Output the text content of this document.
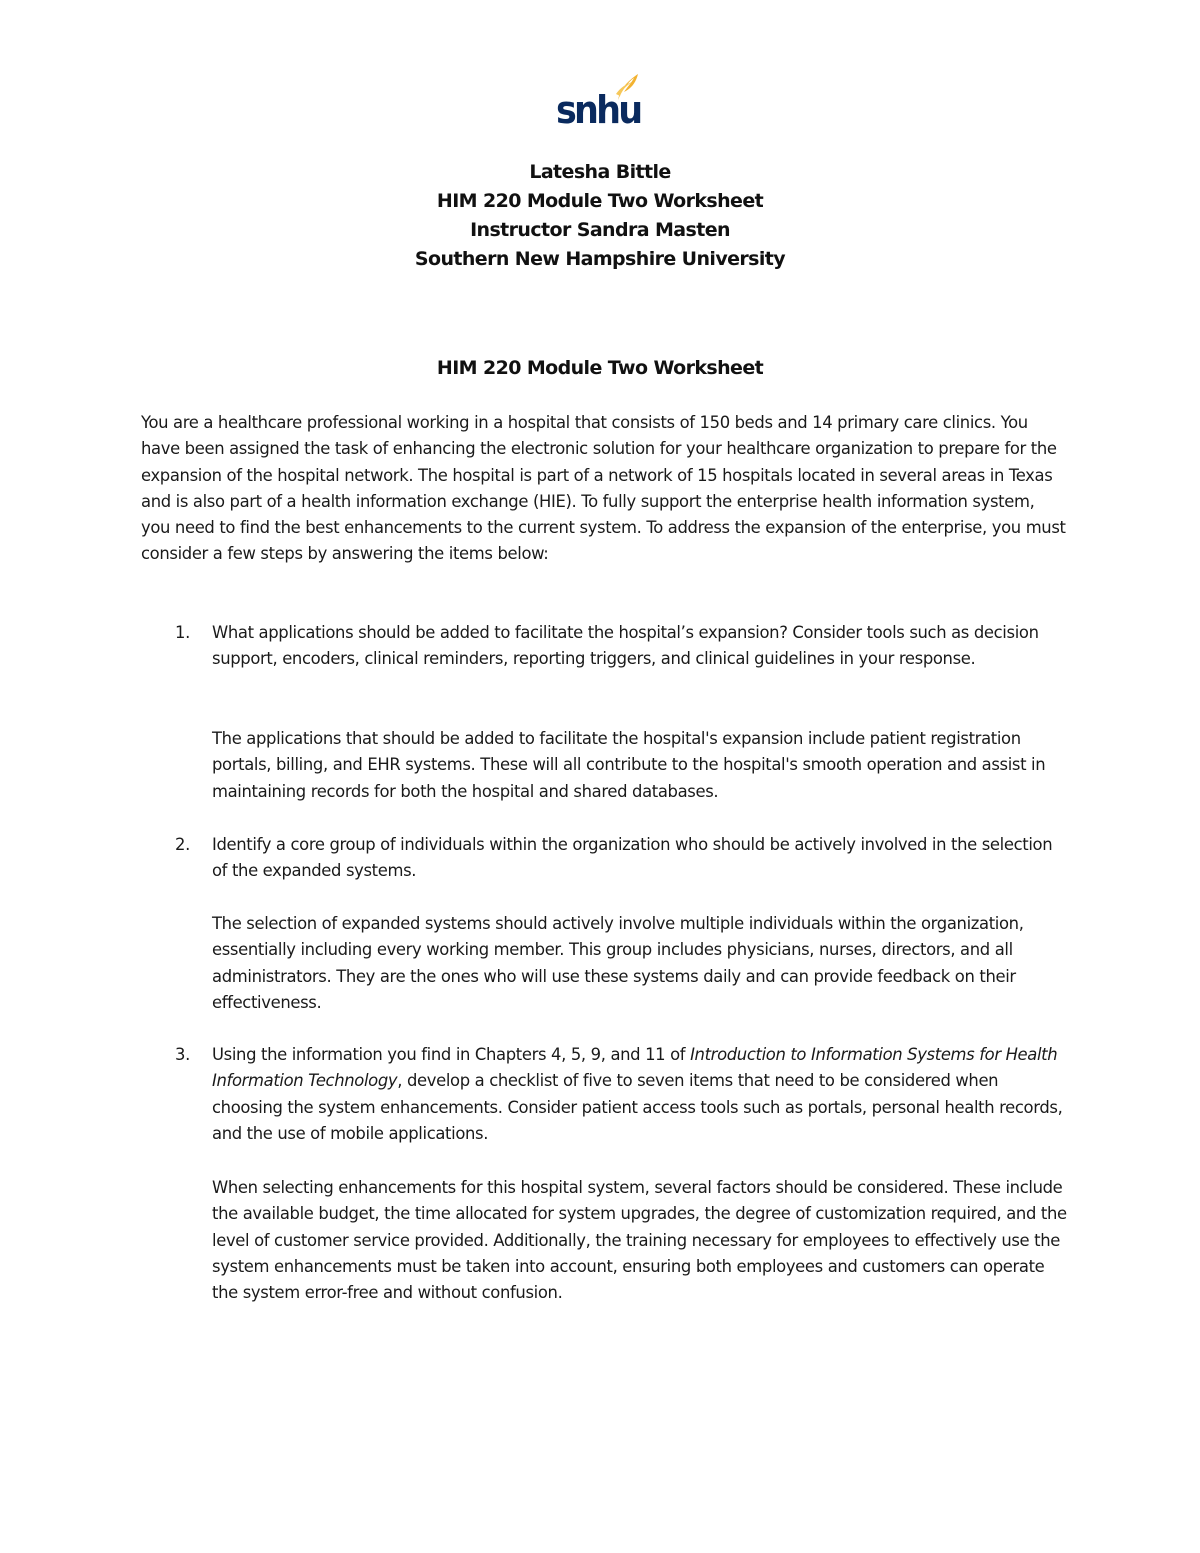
snhu
Latesha Bittle
HIM 220 Module Two Worksheet
Instructor Sandra Masten
Southern New Hampshire University
HIM 220 Module Two Worksheet

You are a healthcare professional working in a hospital that consists of 150 beds and 14 primary care clinics. You have been assigned the task of enhancing the electronic solution for your healthcare organization to prepare for the expansion of the hospital network. The hospital is part of a network of 15 hospitals located in several areas in Texas and is also part of a health information exchange (HIE). To fully support the enterprise health information system, you need to find the best enhancements to the current system. To address the expansion of the enterprise, you must consider a few steps by answering the items below:

1. What applications should be added to facilitate the hospital’s expansion? Consider tools such as decision support, encoders, clinical reminders, reporting triggers, and clinical guidelines in your response.

The applications that should be added to facilitate the hospital's expansion include patient registration portals, billing, and EHR systems. These will all contribute to the hospital's smooth operation and assist in maintaining records for both the hospital and shared databases.

2. Identify a core group of individuals within the organization who should be actively involved in the selection of the expanded systems.

The selection of expanded systems should actively involve multiple individuals within the organization, essentially including every working member. This group includes physicians, nurses, directors, and all administrators. They are the ones who will use these systems daily and can provide feedback on their effectiveness.

3. Using the information you find in Chapters 4, 5, 9, and 11 of Introduction to Information Systems for Health Information Technology, develop a checklist of five to seven items that need to be considered when choosing the system enhancements. Consider patient access tools such as portals, personal health records, and the use of mobile applications.

When selecting enhancements for this hospital system, several factors should be considered. These include the available budget, the time allocated for system upgrades, the degree of customization required, and the level of customer service provided. Additionally, the training necessary for employees to effectively use the system enhancements must be taken into account, ensuring both employees and customers can operate the system error-free and without confusion.
